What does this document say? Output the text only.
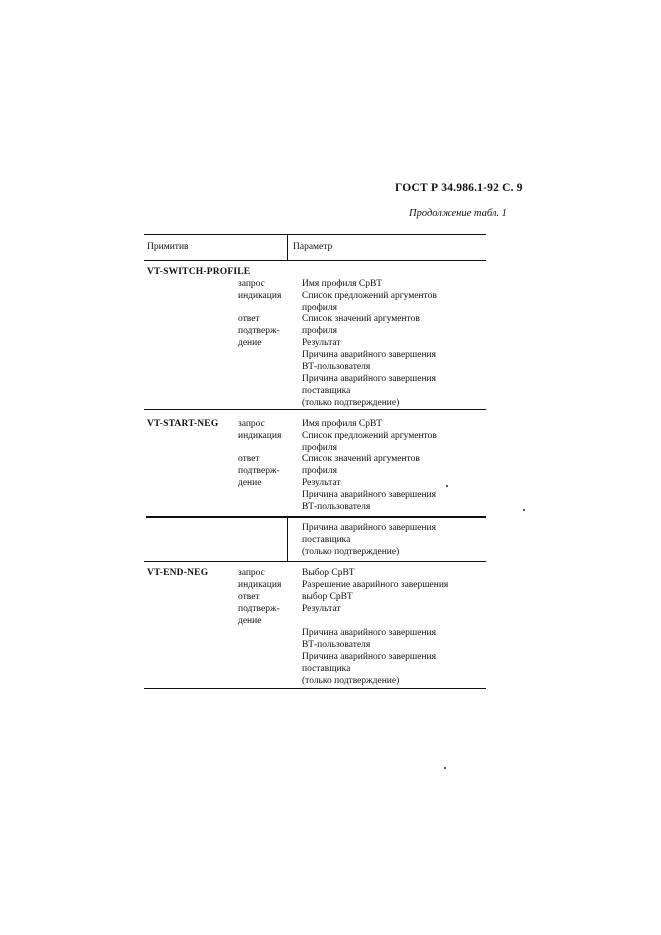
ГОСТ Р 34.986.1-92 С. 9
Продолжение табл. 1
Примитив	Параметр
VT-SWITCH-PROFILE
запрос
индикация
ответ
подтверж-
дение
Имя профиля СрВТ
Список предложений аргументов
профиля
Список значений аргументов
профиля
Результат
Причина аварийного завершения
ВТ-пользователя
Причина аварийного завершения
поставщика
(только подтверждение)
VT-START-NEG запрос
индикация
ответ
подтверж-
дение
Имя профиля СрВТ
Список предложений аргументов
профиля
Список значений аргументов
профиля
Результат
Причина аварийного завершения
ВТ-пользователя
Причина аварийного завершения
поставщика
(только подтверждение)
VT-END-NEG	запрос
индикация
ответ
подтверж-
дение
Выбор СрВТ
Разрешение аварийного завершения
выбор СрВТ
Результат
Причина аварийного завершения
ВТ-пользователя
Причина аварийного завершения
поставщика
(только подтверждение)
